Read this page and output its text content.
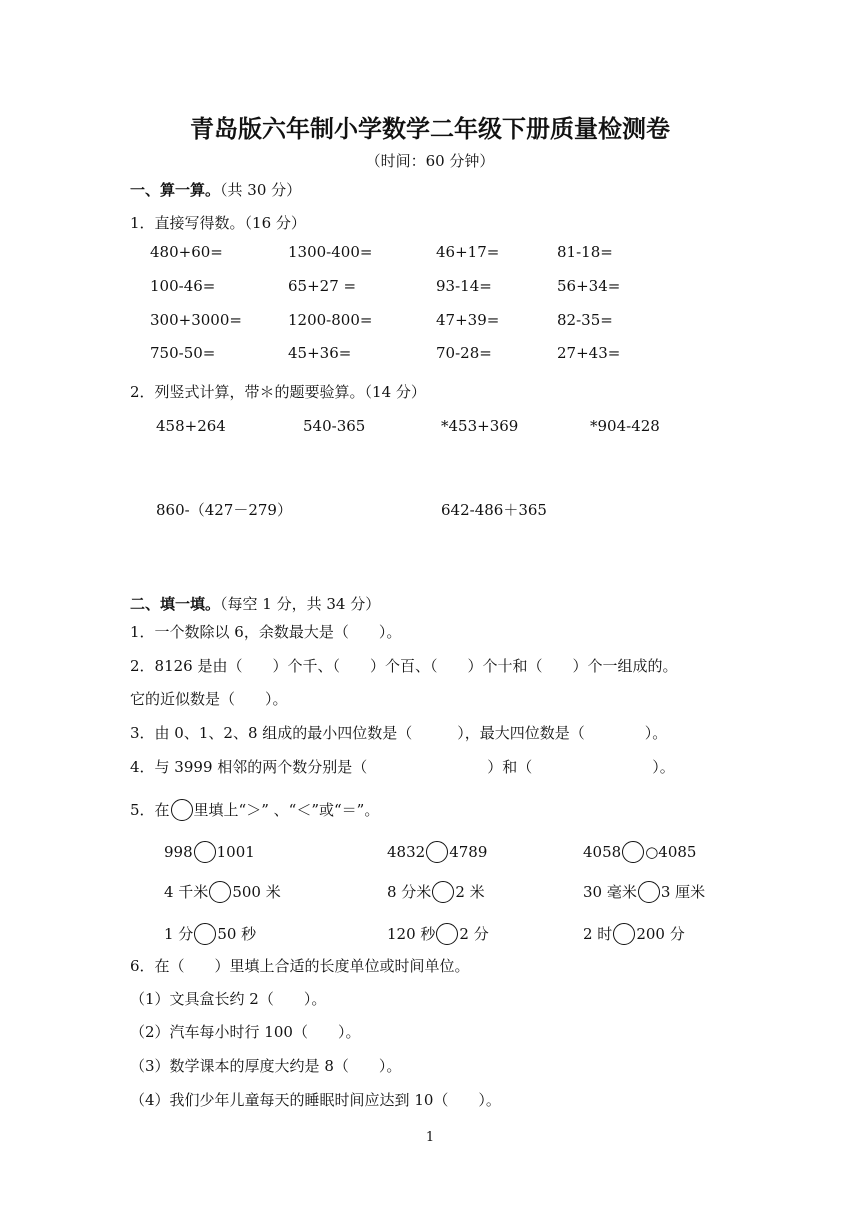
青岛版六年制小学数学二年级下册质量检测卷
（时间：60 分钟）
一、算一算。（共 30 分）
1．直接写得数。（16 分）
480+60=	1300-400=	46+17=	81-18=
100-46=	65+27 =	93-14=	56+34=
300+3000=	1200-800=	47+39=	82-35=
750-50=	45+36=	70-28=	27+43=
2．列竖式计算，带＊的题要验算。（14 分）
458+264	540-365	*453+369	*904-428
860-（427－279）	642-486＋365
二、填一填。（每空 1 分，共 34 分）
1．一个数除以 6，余数最大是（　　）。
2．8126 是由（　　）个千、（　　）个百、（　　）个十和（　　）个一组成的。
它的近似数是（　　）。
3．由 0、1、2、8 组成的最小四位数是（　　　），最大四位数是（　　　　）。
4．与 3999 相邻的两个数分别是（　　　　　　　　）和（　　　　　　　　）。
5．在 里填上“＞” 、“＜”或“＝”。
998 1001	4832 4789	4058 ○4085
4 千米 500 米	8 分米 2 米	30 毫米 3 厘米
1 分 50 秒	120 秒 2 分	2 时 200 分
6．在（　　）里填上合适的长度单位或时间单位。
（1）文具盒长约 2（　　）。
（2）汽车每小时行 100（　　）。
（3）数学课本的厚度大约是 8（　　）。
（4）我们少年儿童每天的睡眠时间应达到 10（　　）。
1
